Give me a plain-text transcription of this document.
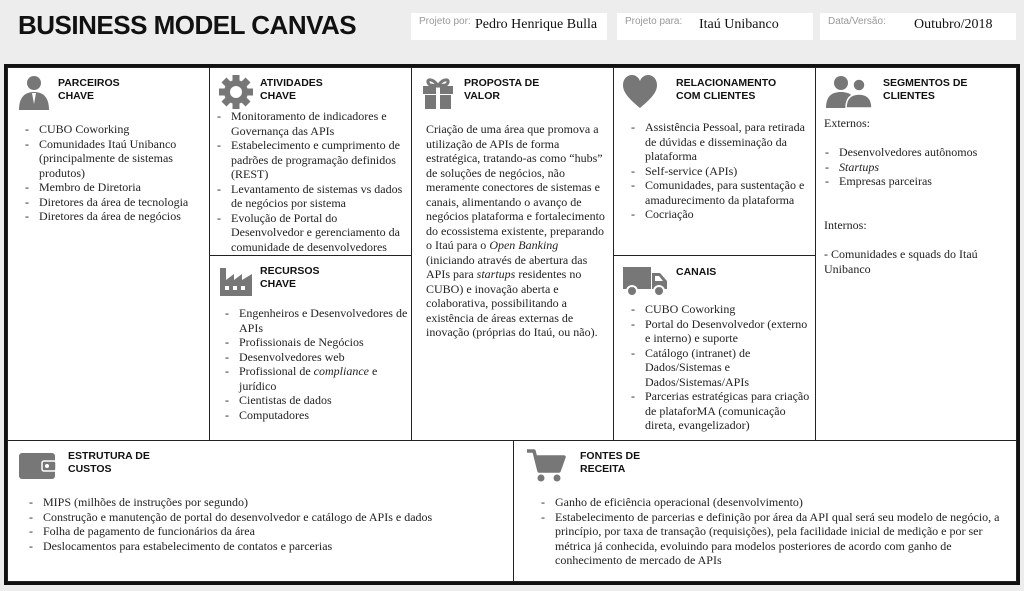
BUSINESS MODEL CANVAS	Projeto por: Pedro Henrique Bulla	Projeto para: Itaú Unibanco	Data/Versão: Outubro/2018
PARCEIROS
CHAVE
- CUBO Coworking
- Comunidades Itaú Unibanco (principalmente de sistemas produtos)
- Membro de Diretoria
- Diretores da área de tecnologia
- Diretores da área de negócios
ATIVIDADES
CHAVE
- Monitoramento de indicadores e Governança das APIs
- Estabelecimento e cumprimento de padrões de programação definidos (REST)
- Levantamento de sistemas vs dados de negócios por sistema
- Evolução de Portal do Desenvolvedor e gerenciamento da comunidade de desenvolvedores
RECURSOS
CHAVE
- Engenheiros e Desenvolvedores de APIs
- Profissionais de Negócios
- Desenvolvedores web
- Profissional de compliance e jurídico
- Cientistas de dados
- Computadores
PROPOSTA DE
VALOR
Criação de uma área que promova a utilização de APIs de forma estratégica, tratando-as como “hubs” de soluções de negócios, não meramente conectores de sistemas e canais, alimentando o avanço de negócios plataforma e fortalecimento do ecossistema existente, preparando o Itaú para o Open Banking (iniciando através de abertura das APIs para startups residentes no CUBO) e inovação aberta e colaborativa, possibilitando a existência de áreas externas de inovação (próprias do Itaú, ou não).
RELACIONAMENTO
COM CLIENTES
- Assistência Pessoal, para retirada de dúvidas e disseminação da plataforma
- Self-service (APIs)
- Comunidades, para sustentação e amadurecimento da plataforma
- Cocriação
CANAIS
- CUBO Coworking
- Portal do Desenvolvedor (externo e interno) e suporte
- Catálogo (intranet) de Dados/Sistemas e Dados/Sistemas/APIs
- Parcerias estratégicas para criação de plataforMA (comunicação direta, evangelizador)
SEGMENTOS DE
CLIENTES
Externos:
- Desenvolvedores autônomos
- Startups
- Empresas parceiras
Internos:
- Comunidades e squads do Itaú Unibanco
ESTRUTURA DE
CUSTOS
- MIPS (milhões de instruções por segundo)
- Construção e manutenção de portal do desenvolvedor e catálogo de APIs e dados
- Folha de pagamento de funcionários da área
- Deslocamentos para estabelecimento de contatos e parcerias
FONTES DE
RECEITA
- Ganho de eficiência operacional (desenvolvimento)
- Estabelecimento de parcerias e definição por área da API qual será seu modelo de negócio, a princípio, por taxa de transação (requisições), pela facilidade inicial de medição e por ser métrica já conhecida, evoluindo para modelos posteriores de acordo com ganho de conhecimento de mercado de APIs
